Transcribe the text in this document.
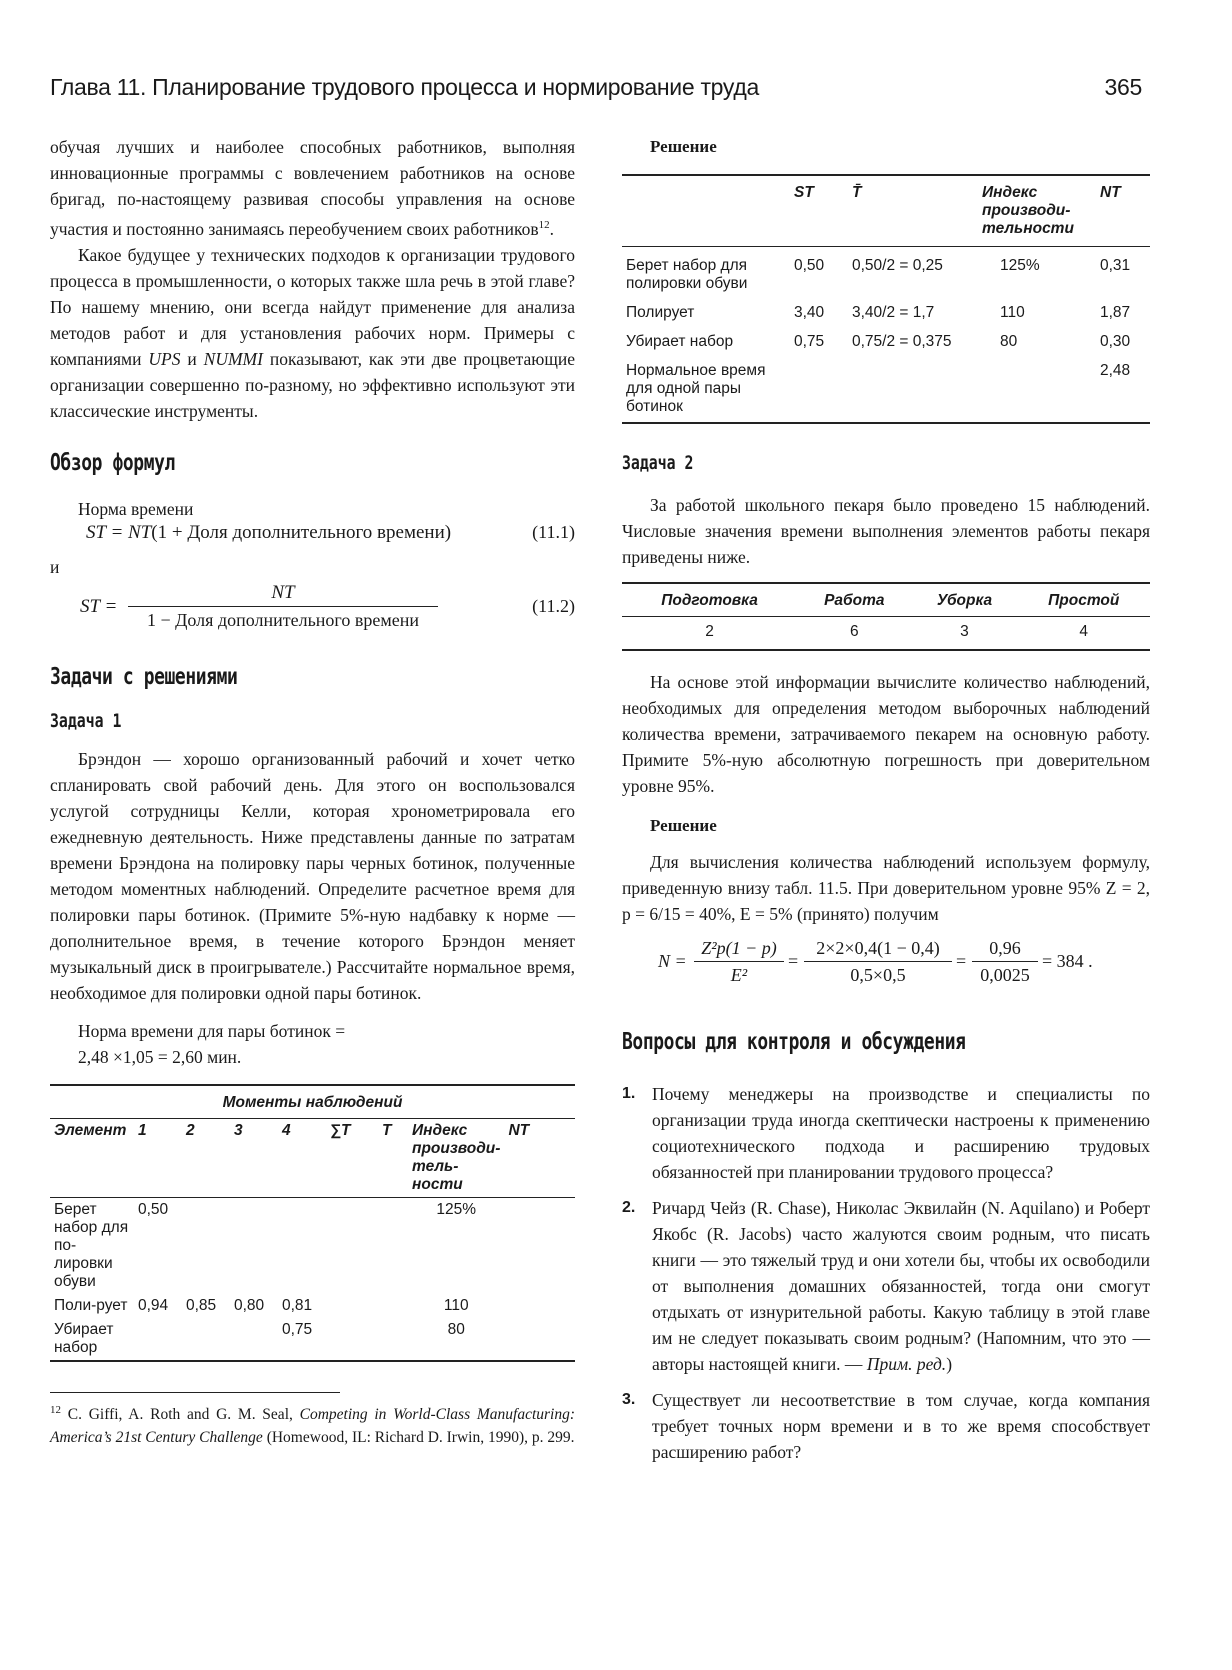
Глава 11. Планирование трудового процесса и нормирование труда	365

обучая лучших и наиболее способных работников, выполняя инновационные программы с вовлечением работников на основе бригад, по-настоящему развивая способы управления на основе участия и постоянно занимаясь переобучением своих работников$^{12}$.

Какое будущее у технических подходов к организации трудового процесса в промышленности, о которых также шла речь в этой главе? По нашему мнению, они всегда найдут применение для анализа методов работ и для установления рабочих норм. Примеры с компаниями UPS и NUMMI показывают, как эти две процветающие организации совершенно по-разному, но эффективно используют эти классические инструменты.

Обзор формул

Норма времени

ST = NT(1 + Доля дополнительного времени)	(11.1)

и

ST =
NT
1 − Доля дополнительного времени
(11.2)
Задачи с решениями
Задача 1

Брэндон — хорошо организованный рабочий и хочет четко спланировать свой рабочий день. Для этого он воспользовался услугой сотрудницы Келли, которая хронометрировала его ежедневную деятельность. Ниже представлены данные по затратам времени Брэндона на полировку пары черных ботинок, полученные методом моментных наблюдений. Определите расчетное время для полировки пары ботинок. (Примите 5%-ную надбавку к норме — дополнительное время, в течение которого Брэндон меняет музыкальный диск в проигрывателе.) Рассчитайте нормальное время, необходимое для полировки одной пары ботинок.

Норма времени для пары ботинок =

2,48 ×1,05 = 2,60 мин.

Моменты наблюдений								
Элемент	1	2	3	4	∑T	T	Индекс производи-тель-ности	NT
Берет набор для по-лировки обуви	0,50						125%	
Поли-рует	0,94	0,85	0,80	0,81			110	
Убирает набор				0,75			80	

$^{12}$ C. Giffi, A. Roth and G. M. Seal, Competing in World-Class Manufacturing: America’s 21st Century Challenge (Homewood, IL: Richard D. Irwin, 1990), p. 299.

Решение

	ST	T̄	Индекс производи-тельности	NT
Берет набор для полировки обуви	0,50	0,50/2 = 0,25	125%	0,31
Полирует	3,40	3,40/2 = 1,7	110	1,87
Убирает набор	0,75	0,75/2 = 0,375	80	0,30
Нормальное время для одной пары ботинок				2,48
Задача 2

За работой школьного пекаря было проведено 15 наблюдений. Числовые значения времени выполнения элементов работы пекаря приведены ниже.

Подготовка	Работа	Уборка	Простой
2	6	3	4

На основе этой информации вычислите количество наблюдений, необходимых для определения методом выборочных наблюдений количества времени, затрачиваемого пекарем на основную работу. Примите 5%-ную абсолютную погрешность при доверительном уровне 95%.

Решение

Для вычисления количества наблюдений используем формулу, приведенную внизу табл. 11.5. При доверительном уровне 95% Z = 2, p = 6/15 = 40%, E = 5% (принято) получим

N =
Z²p(1 − p)
E²
=
2×2×0,4(1 − 0,4)
0,5×0,5
=
0,96
0,0025
= 384 .
Вопросы для контроля и обсуждения
1. Почему менеджеры на производстве и специалисты по организации труда иногда скептически настроены к применению социотехнического подхода и расширению трудовых обязанностей при планировании трудового процесса?
2. Ричард Чейз (R. Chase), Николас Эквилайн (N. Aquilano) и Роберт Якобс (R. Jacobs) часто жалуются своим родным, что писать книги — это тяжелый труд и они хотели бы, чтобы их освободили от выполнения домашних обязанностей, тогда они смогут отдыхать от изнурительной работы. Какую таблицу в этой главе им не следует показывать своим родным? (Напомним, что это — авторы настоящей книги. — Прим. ред.)
3. Существует ли несоответствие в том случае, когда компания требует точных норм времени и в то же время способствует расширению работ?
